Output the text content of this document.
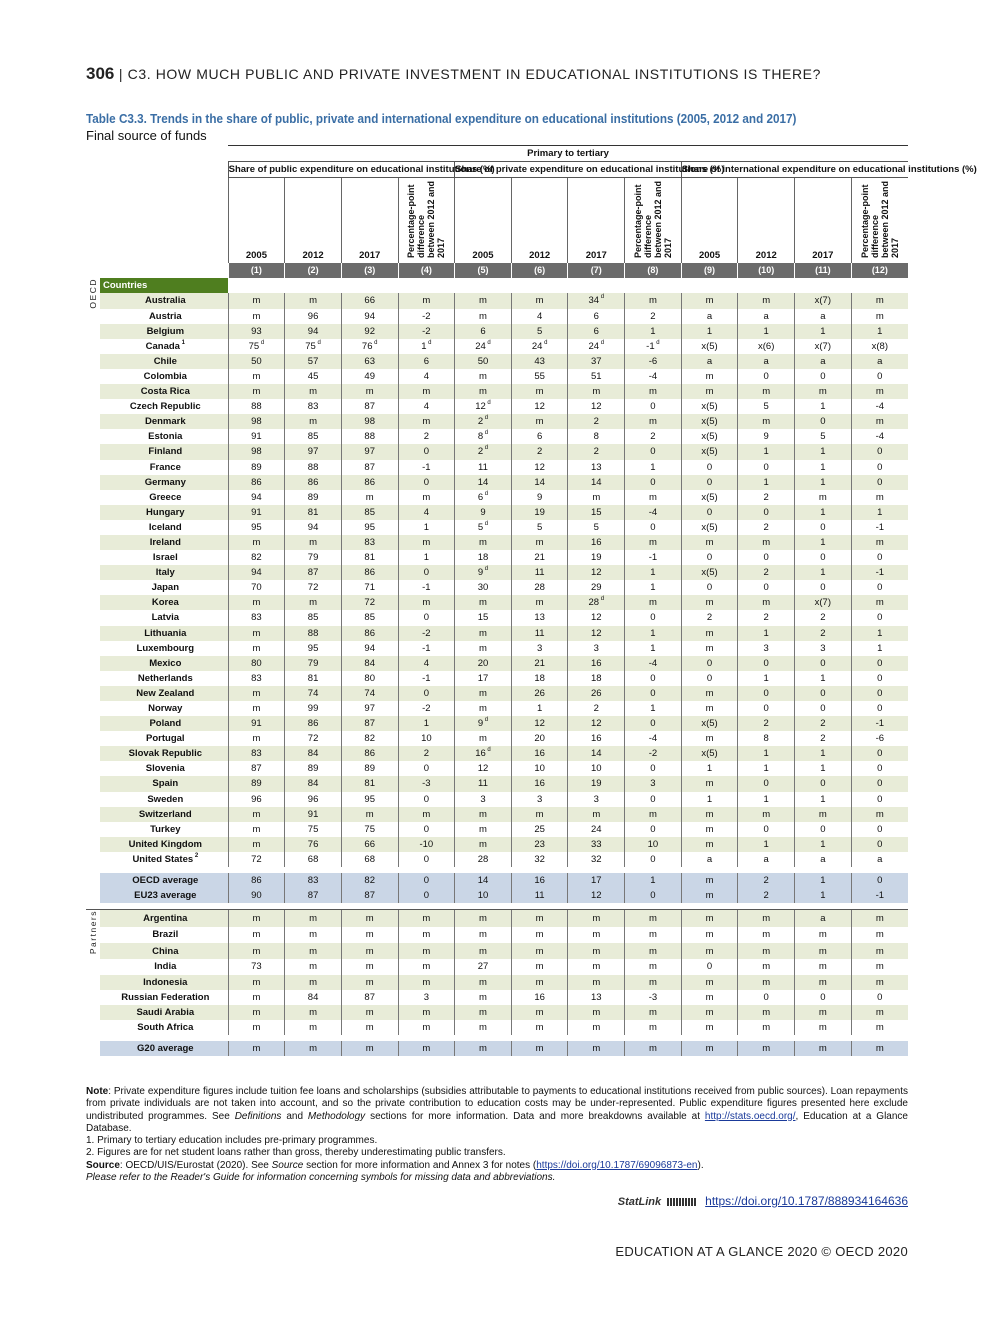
306 | C3. HOW MUCH PUBLIC AND PRIVATE INVESTMENT IN EDUCATIONAL INSTITUTIONS IS THERE?
Table C3.3. Trends in the share of public, private and international expenditure on educational institutions (2005, 2012 and 2017)
Final source of funds
		Primary to tertiary											
		Share of public expenditure on educational institutions (%)				Share of private expenditure on educational institutions (%)				Share of international expenditure on educational institutions (%)			
		2005	2012	2017	Percentage-point difference between 2012 and 2017	2005	2012	2017	Percentage-point difference between 2012 and 2017	2005	2012	2017	Percentage-point difference between 2012 and 2017
		(1)	(2)	(3)	(4)	(5)	(6)	(7)	(8)	(9)	(10)	(11)	(12)
OECD	Countries												
	Australia	m	m	66	m	m	m	34 $^d$	m	m	m	x(7)	m
	Austria	m	96	94	-2	m	4	6	2	a	a	a	m
	Belgium	93	94	92	-2	6	5	6	1	1	1	1	1
	Canada $^1$	75 $^d$	75 $^d$	76 $^d$	1 $^d$	24 $^d$	24 $^d$	24 $^d$	-1 $^d$	x(5)	x(6)	x(7)	x(8)
	Chile	50	57	63	6	50	43	37	-6	a	a	a	a
	Colombia	m	45	49	4	m	55	51	-4	m	0	0	0
	Costa Rica	m	m	m	m	m	m	m	m	m	m	m	m
	Czech Republic	88	83	87	4	12 $^d$	12	12	0	x(5)	5	1	-4
	Denmark	98	m	98	m	2 $^d$	m	2	m	x(5)	m	0	m
	Estonia	91	85	88	2	8 $^d$	6	8	2	x(5)	9	5	-4
	Finland	98	97	97	0	2 $^d$	2	2	0	x(5)	1	1	0
	France	89	88	87	-1	11	12	13	1	0	0	1	0
	Germany	86	86	86	0	14	14	14	0	0	1	1	0
	Greece	94	89	m	m	6 $^d$	9	m	m	x(5)	2	m	m
	Hungary	91	81	85	4	9	19	15	-4	0	0	1	1
	Iceland	95	94	95	1	5 $^d$	5	5	0	x(5)	2	0	-1
	Ireland	m	m	83	m	m	m	16	m	m	m	1	m
	Israel	82	79	81	1	18	21	19	-1	0	0	0	0
	Italy	94	87	86	0	9 $^d$	11	12	1	x(5)	2	1	-1
	Japan	70	72	71	-1	30	28	29	1	0	0	0	0
	Korea	m	m	72	m	m	m	28 $^d$	m	m	m	x(7)	m
	Latvia	83	85	85	0	15	13	12	0	2	2	2	0
	Lithuania	m	88	86	-2	m	11	12	1	m	1	2	1
	Luxembourg	m	95	94	-1	m	3	3	1	m	3	3	1
	Mexico	80	79	84	4	20	21	16	-4	0	0	0	0
	Netherlands	83	81	80	-1	17	18	18	0	0	1	1	0
	New Zealand	m	74	74	0	m	26	26	0	m	0	0	0
	Norway	m	99	97	-2	m	1	2	1	m	0	0	0
	Poland	91	86	87	1	9 $^d$	12	12	0	x(5)	2	2	-1
	Portugal	m	72	82	10	m	20	16	-4	m	8	2	-6
	Slovak Republic	83	84	86	2	16 $^d$	16	14	-2	x(5)	1	1	0
	Slovenia	87	89	89	0	12	10	10	0	1	1	1	0
	Spain	89	84	81	-3	11	16	19	3	m	0	0	0
	Sweden	96	96	95	0	3	3	3	0	1	1	1	0
	Switzerland	m	91	m	m	m	m	m	m	m	m	m	m
	Turkey	m	75	75	0	m	25	24	0	m	0	0	0
	United Kingdom	m	76	66	-10	m	23	33	10	m	1	1	0
	United States $^2$	72	68	68	0	28	32	32	0	a	a	a	a

	OECD average	86	83	82	0	14	16	17	1	m	2	1	0
	EU23 average	90	87	87	0	10	11	12	0	m	2	1	-1

Partners	Argentina	m	m	m	m	m	m	m	m	m	m	a	m
	Brazil	m	m	m	m	m	m	m	m	m	m	m	m
	China	m	m	m	m	m	m	m	m	m	m	m	m
	India	73	m	m	m	27	m	m	m	0	m	m	m
	Indonesia	m	m	m	m	m	m	m	m	m	m	m	m
	Russian Federation	m	84	87	3	m	16	13	-3	m	0	0	0
	Saudi Arabia	m	m	m	m	m	m	m	m	m	m	m	m
	South Africa	m	m	m	m	m	m	m	m	m	m	m	m

	G20 average	m	m	m	m	m	m	m	m	m	m	m	m

Note: Private expenditure figures include tuition fee loans and scholarships (subsidies attributable to payments to educational institutions received from public sources). Loan repayments from private individuals are not taken into account, and so the private contribution to education costs may be under-represented. Public expenditure figures presented here exclude undistributed programmes. See Definitions and Methodology sections for more information. Data and more breakdowns available at http://stats.oecd.org/, Education at a Glance Database.

1. Primary to tertiary education includes pre-primary programmes.

2. Figures are for net student loans rather than gross, thereby underestimating public transfers.

Source: OECD/UIS/Eurostat (2020). See Source section for more information and Annex 3 for notes (https://doi.org/10.1787/69096873-en).

Please refer to the Reader's Guide for information concerning symbols for missing data and abbreviations.

StatLink	https://doi.org/10.1787/888934164636
EDUCATION AT A GLANCE 2020 © OECD 2020
